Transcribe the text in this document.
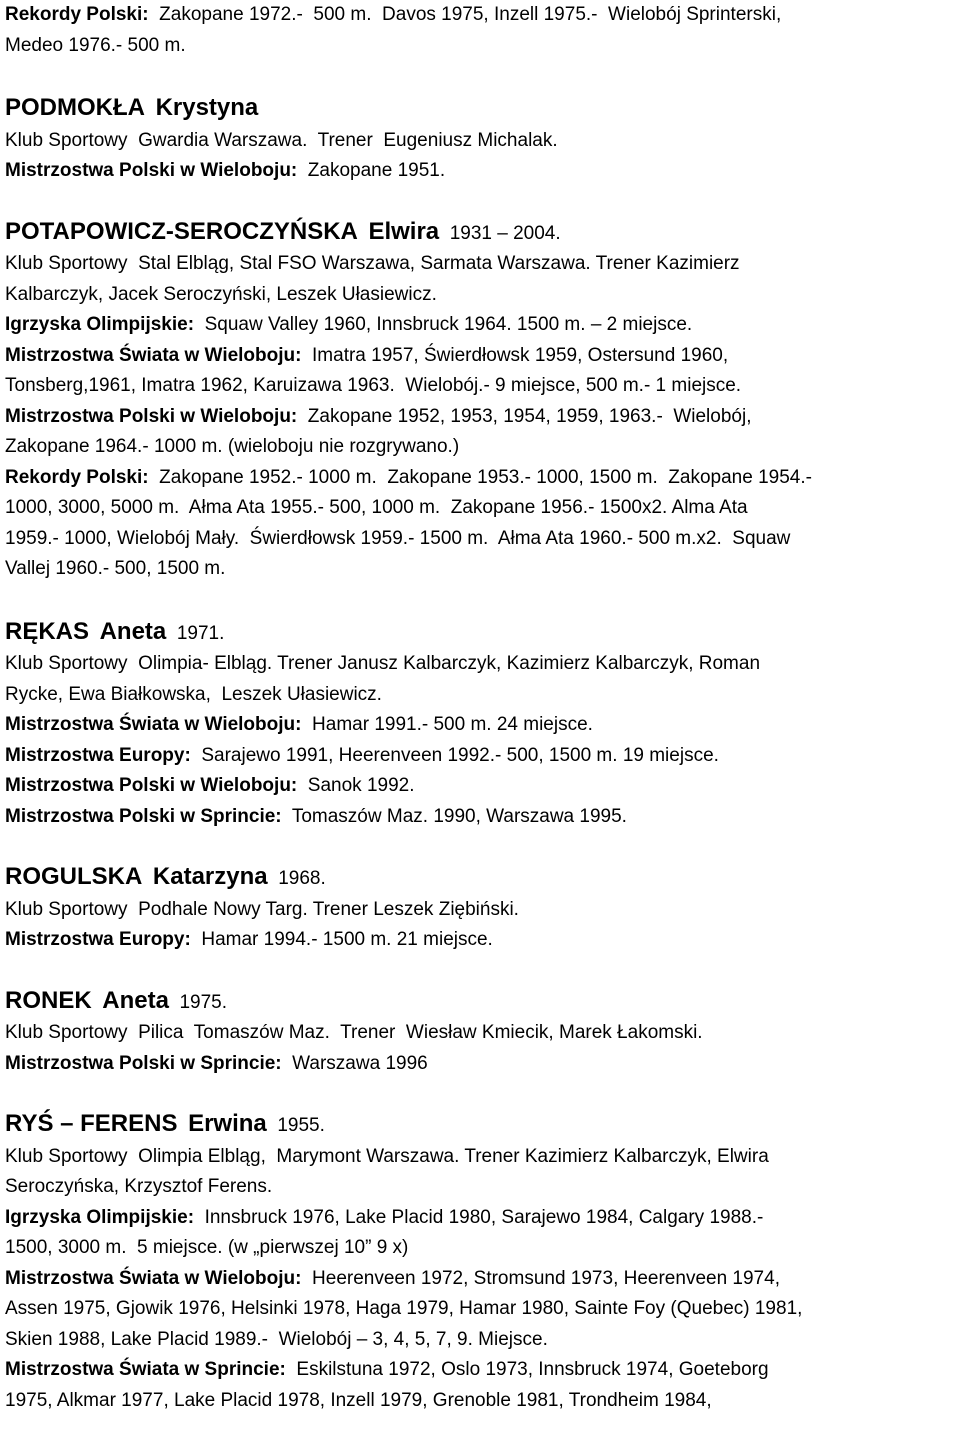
Rekordy Polski:  Zakopane 1972.-  500 m.  Davos 1975, Inzell 1975.-  Wielobój Sprinterski,
Medeo 1976.- 500 m.
PODMOKŁA Krystyna
Klub Sportowy  Gwardia Warszawa.  Trener  Eugeniusz Michalak.
Mistrzostwa Polski w Wieloboju:  Zakopane 1951.
POTAPOWICZ-SEROCZYŃSKA Elwira 1931 – 2004.
Klub Sportowy  Stal Elbląg, Stal FSO Warszawa, Sarmata Warszawa. Trener Kazimierz
Kalbarczyk, Jacek Seroczyński, Leszek Ułasiewicz.
Igrzyska Olimpijskie:  Squaw Valley 1960, Innsbruck 1964. 1500 m. – 2 miejsce.
Mistrzostwa Świata w Wieloboju:  Imatra 1957, Świerdłowsk 1959, Ostersund 1960,
Tonsberg,1961, Imatra 1962, Karuizawa 1963.  Wielobój.- 9 miejsce, 500 m.- 1 miejsce.
Mistrzostwa Polski w Wieloboju:  Zakopane 1952, 1953, 1954, 1959, 1963.-  Wielobój,
Zakopane 1964.- 1000 m. (wieloboju nie rozgrywano.)
Rekordy Polski:  Zakopane 1952.- 1000 m.  Zakopane 1953.- 1000, 1500 m.  Zakopane 1954.-
1000, 3000, 5000 m.  Ałma Ata 1955.- 500, 1000 m.  Zakopane 1956.- 1500x2. Alma Ata
1959.- 1000, Wielobój Mały.  Świerdłowsk 1959.- 1500 m.  Ałma Ata 1960.- 500 m.x2.  Squaw
Vallej 1960.- 500, 1500 m.
RĘKAS Aneta 1971.
Klub Sportowy  Olimpia- Elbląg. Trener Janusz Kalbarczyk, Kazimierz Kalbarczyk, Roman
Rycke, Ewa Białkowska,  Leszek Ułasiewicz.
Mistrzostwa Świata w Wieloboju:  Hamar 1991.- 500 m. 24 miejsce.
Mistrzostwa Europy:  Sarajewo 1991, Heerenveen 1992.- 500, 1500 m. 19 miejsce.
Mistrzostwa Polski w Wieloboju:  Sanok 1992.
Mistrzostwa Polski w Sprincie:  Tomaszów Maz. 1990, Warszawa 1995.
ROGULSKA Katarzyna 1968.
Klub Sportowy  Podhale Nowy Targ. Trener Leszek Ziębiński.
Mistrzostwa Europy:  Hamar 1994.- 1500 m. 21 miejsce.
RONEK Aneta 1975.
Klub Sportowy  Pilica  Tomaszów Maz.  Trener  Wiesław Kmiecik, Marek Łakomski.
Mistrzostwa Polski w Sprincie:  Warszawa 1996
RYŚ – FERENS Erwina 1955.
Klub Sportowy  Olimpia Elbląg,  Marymont Warszawa. Trener Kazimierz Kalbarczyk, Elwira
Seroczyńska, Krzysztof Ferens.
Igrzyska Olimpijskie:  Innsbruck 1976, Lake Placid 1980, Sarajewo 1984, Calgary 1988.-
1500, 3000 m.  5 miejsce. (w „pierwszej 10” 9 x)
Mistrzostwa Świata w Wieloboju:  Heerenveen 1972, Stromsund 1973, Heerenveen 1974,
Assen 1975, Gjowik 1976, Helsinki 1978, Haga 1979, Hamar 1980, Sainte Foy (Quebec) 1981,
Skien 1988, Lake Placid 1989.-  Wielobój – 3, 4, 5, 7, 9. Miejsce.
Mistrzostwa Świata w Sprincie:  Eskilstuna 1972, Oslo 1973, Innsbruck 1974, Goeteborg
1975, Alkmar 1977, Lake Placid 1978, Inzell 1979, Grenoble 1981, Trondheim 1984,
